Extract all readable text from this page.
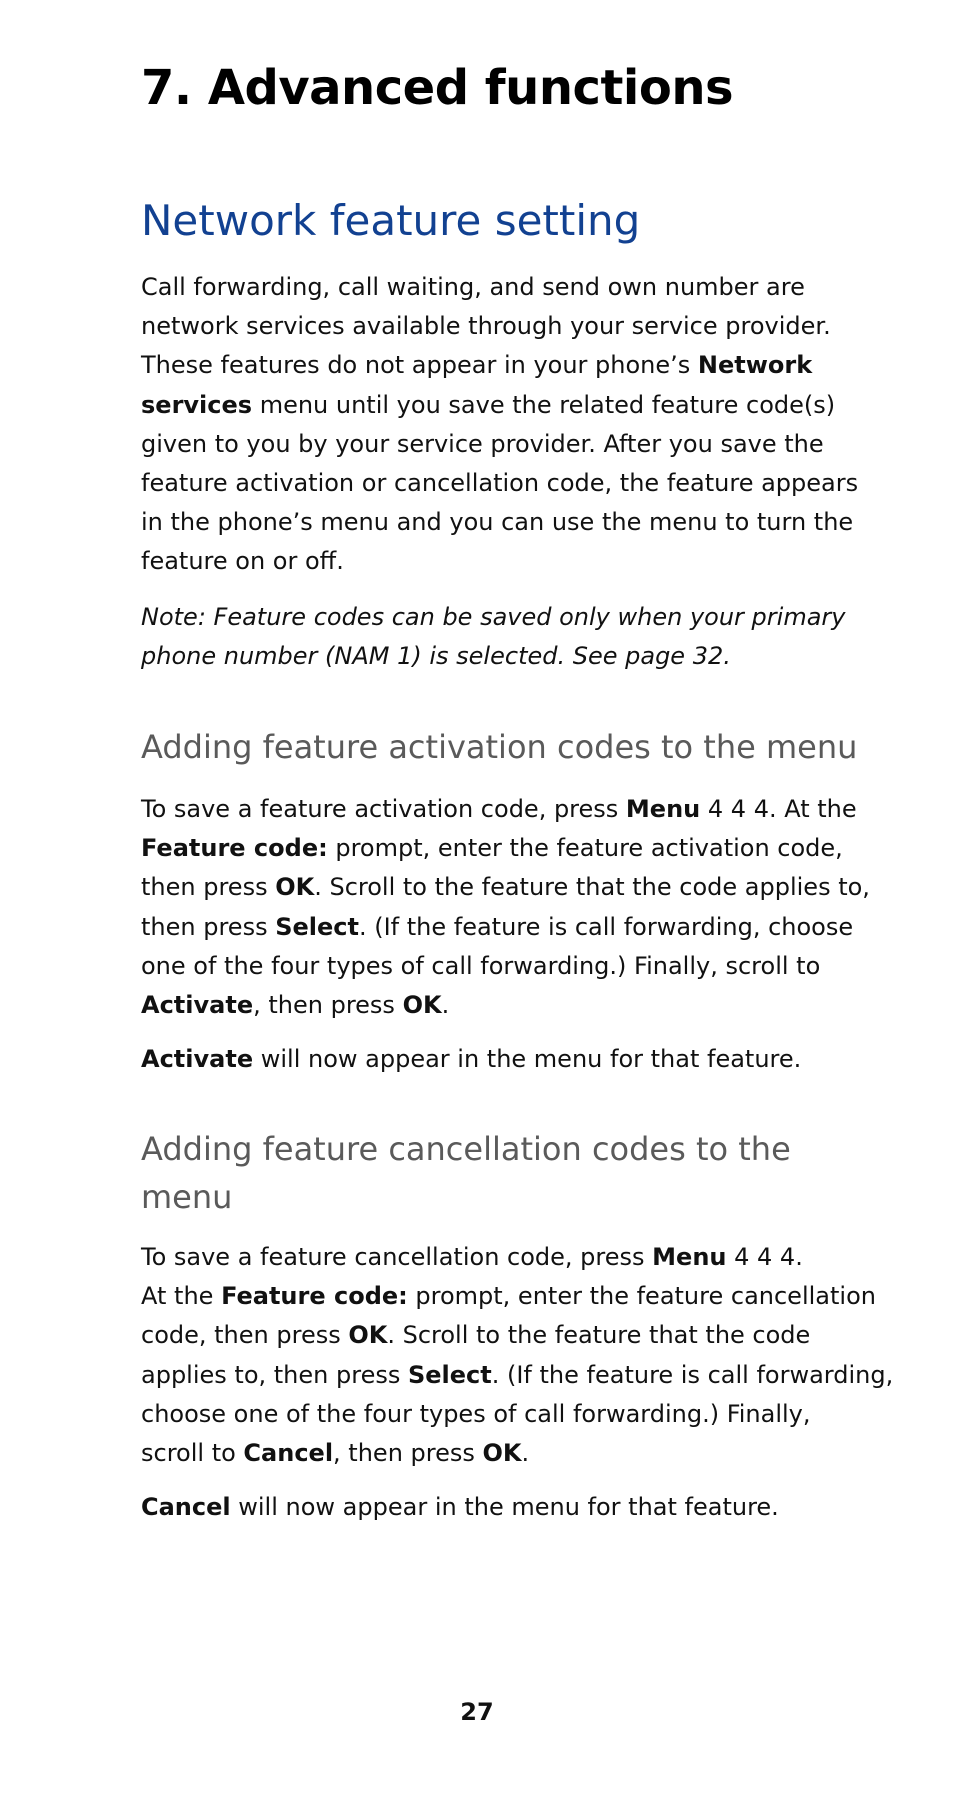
7. Advanced functions
Network feature setting

Call forwarding, call waiting, and send own number are
network services available through your service provider.
These features do not appear in your phone’s Network
services menu until you save the related feature code(s)
given to you by your service provider. After you save the
feature activation or cancellation code, the feature appears
in the phone’s menu and you can use the menu to turn the
feature on or off.

Note: Feature codes can be saved only when your primary
phone number (NAM 1) is selected. See page 32.

Adding feature activation codes to the menu

To save a feature activation code, press Menu 4 4 4. At the
Feature code: prompt, enter the feature activation code,
then press OK. Scroll to the feature that the code applies to,
then press Select. (If the feature is call forwarding, choose
one of the four types of call forwarding.) Finally, scroll to
Activate, then press OK.

Activate will now appear in the menu for that feature.

Adding feature cancellation codes to the
menu

To save a feature cancellation code, press Menu 4 4 4.
At the Feature code: prompt, enter the feature cancellation
code, then press OK. Scroll to the feature that the code
applies to, then press Select. (If the feature is call forwarding,
choose one of the four types of call forwarding.) Finally,
scroll to Cancel, then press OK.

Cancel will now appear in the menu for that feature.

27
